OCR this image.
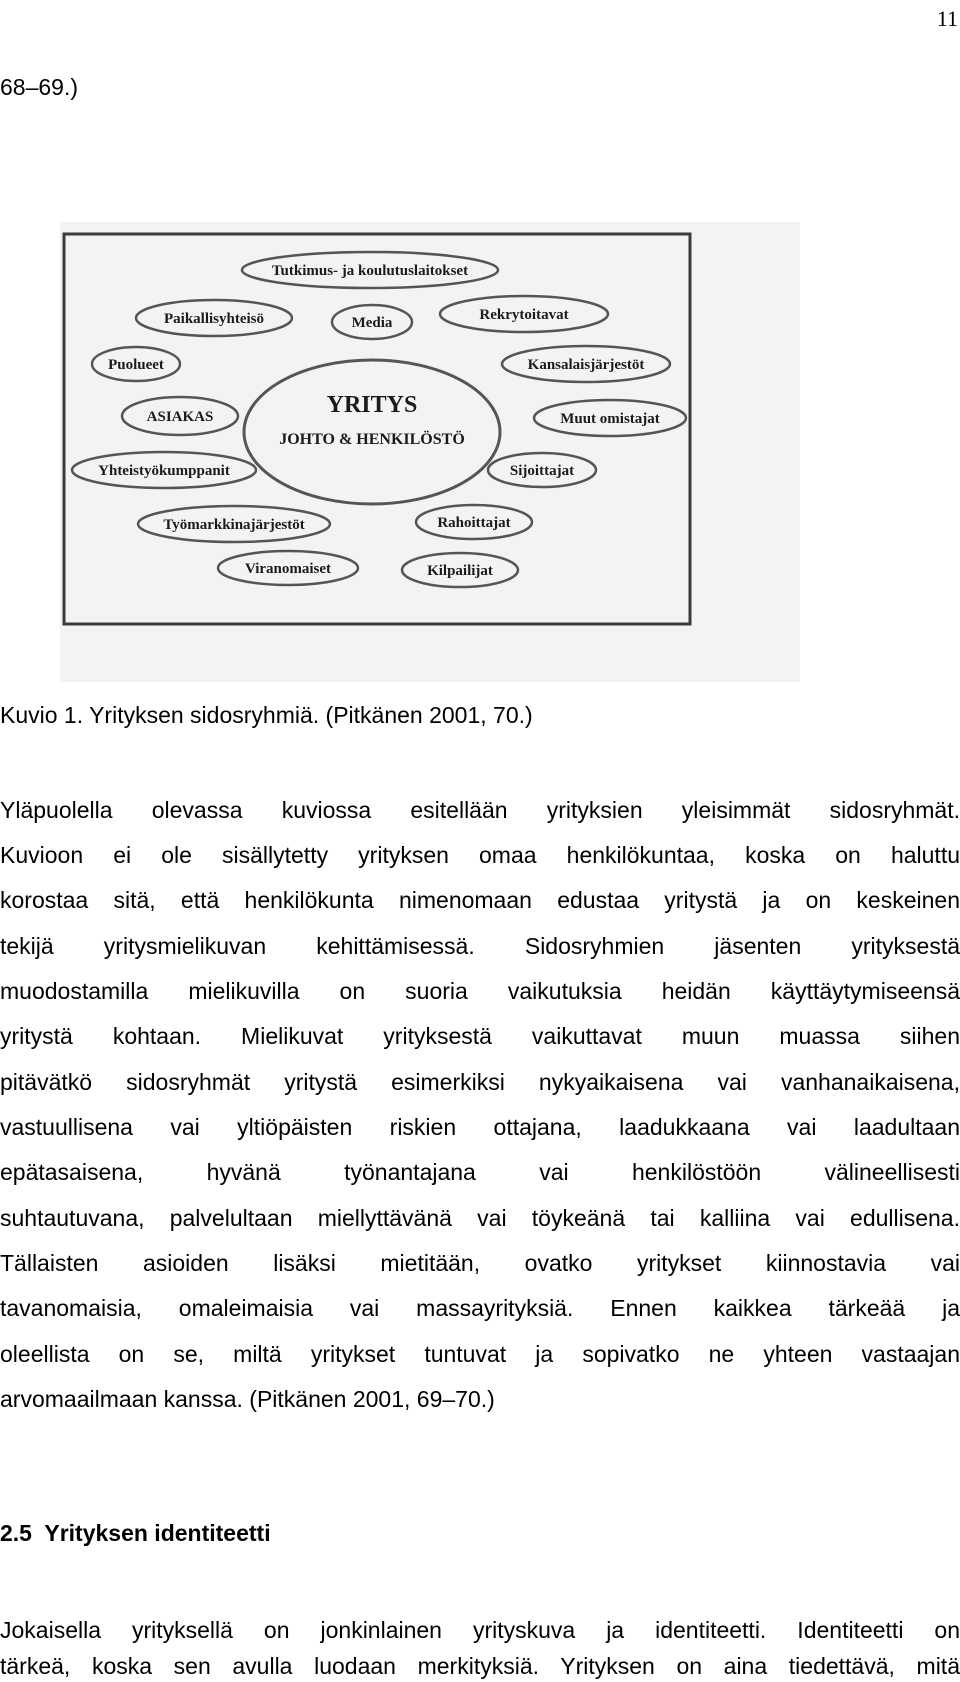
11
68–69.)
YRITYS
JOHTO & HENKILÖSTÖ
Tutkimus- ja koulutuslaitokset
Paikallisyhteisö	Media	Rekrytoitavat
Puolueet	Kansalaisjärjestöt
ASIAKAS	Muut omistajat
Yhteistyökumppanit	Sijoittajat
Työmarkkinajärjestöt	Rahoittajat
Viranomaiset	Kilpailijat
Kuvio 1. Yrityksen sidosryhmiä. (Pitkänen 2001, 70.)
Yläpuolella olevassa kuviossa esitellään yrityksien yleisimmät sidosryhmät.
Kuvioon ei ole sisällytetty yrityksen omaa henkilökuntaa, koska on haluttu
korostaa sitä, että henkilökunta nimenomaan edustaa yritystä ja on keskeinen
tekijä yritysmielikuvan kehittämisessä. Sidosryhmien jäsenten yrityksestä
muodostamilla mielikuvilla on suoria vaikutuksia heidän käyttäytymiseensä
yritystä kohtaan. Mielikuvat yrityksestä vaikuttavat muun muassa siihen
pitävätkö sidosryhmät yritystä esimerkiksi nykyaikaisena vai vanhanaikaisena,
vastuullisena vai yltiöpäisten riskien ottajana, laadukkaana vai laadultaan
epätasaisena, hyvänä työnantajana vai henkilöstöön välineellisesti
suhtautuvana, palvelultaan miellyttävänä vai töykeänä tai kalliina vai edullisena.
Tällaisten asioiden lisäksi mietitään, ovatko yritykset kiinnostavia vai
tavanomaisia, omaleimaisia vai massayrityksiä. Ennen kaikkea tärkeää ja
oleellista on se, miltä yritykset tuntuvat ja sopivatko ne yhteen vastaajan
arvomaailmaan kanssa. (Pitkänen 2001, 69–70.)
2.5 Yrityksen identiteetti
Jokaisella yrityksellä on jonkinlainen yrityskuva ja identiteetti. Identiteetti on
tärkeä, koska sen avulla luodaan merkityksiä. Yrityksen on aina tiedettävä, mitä
